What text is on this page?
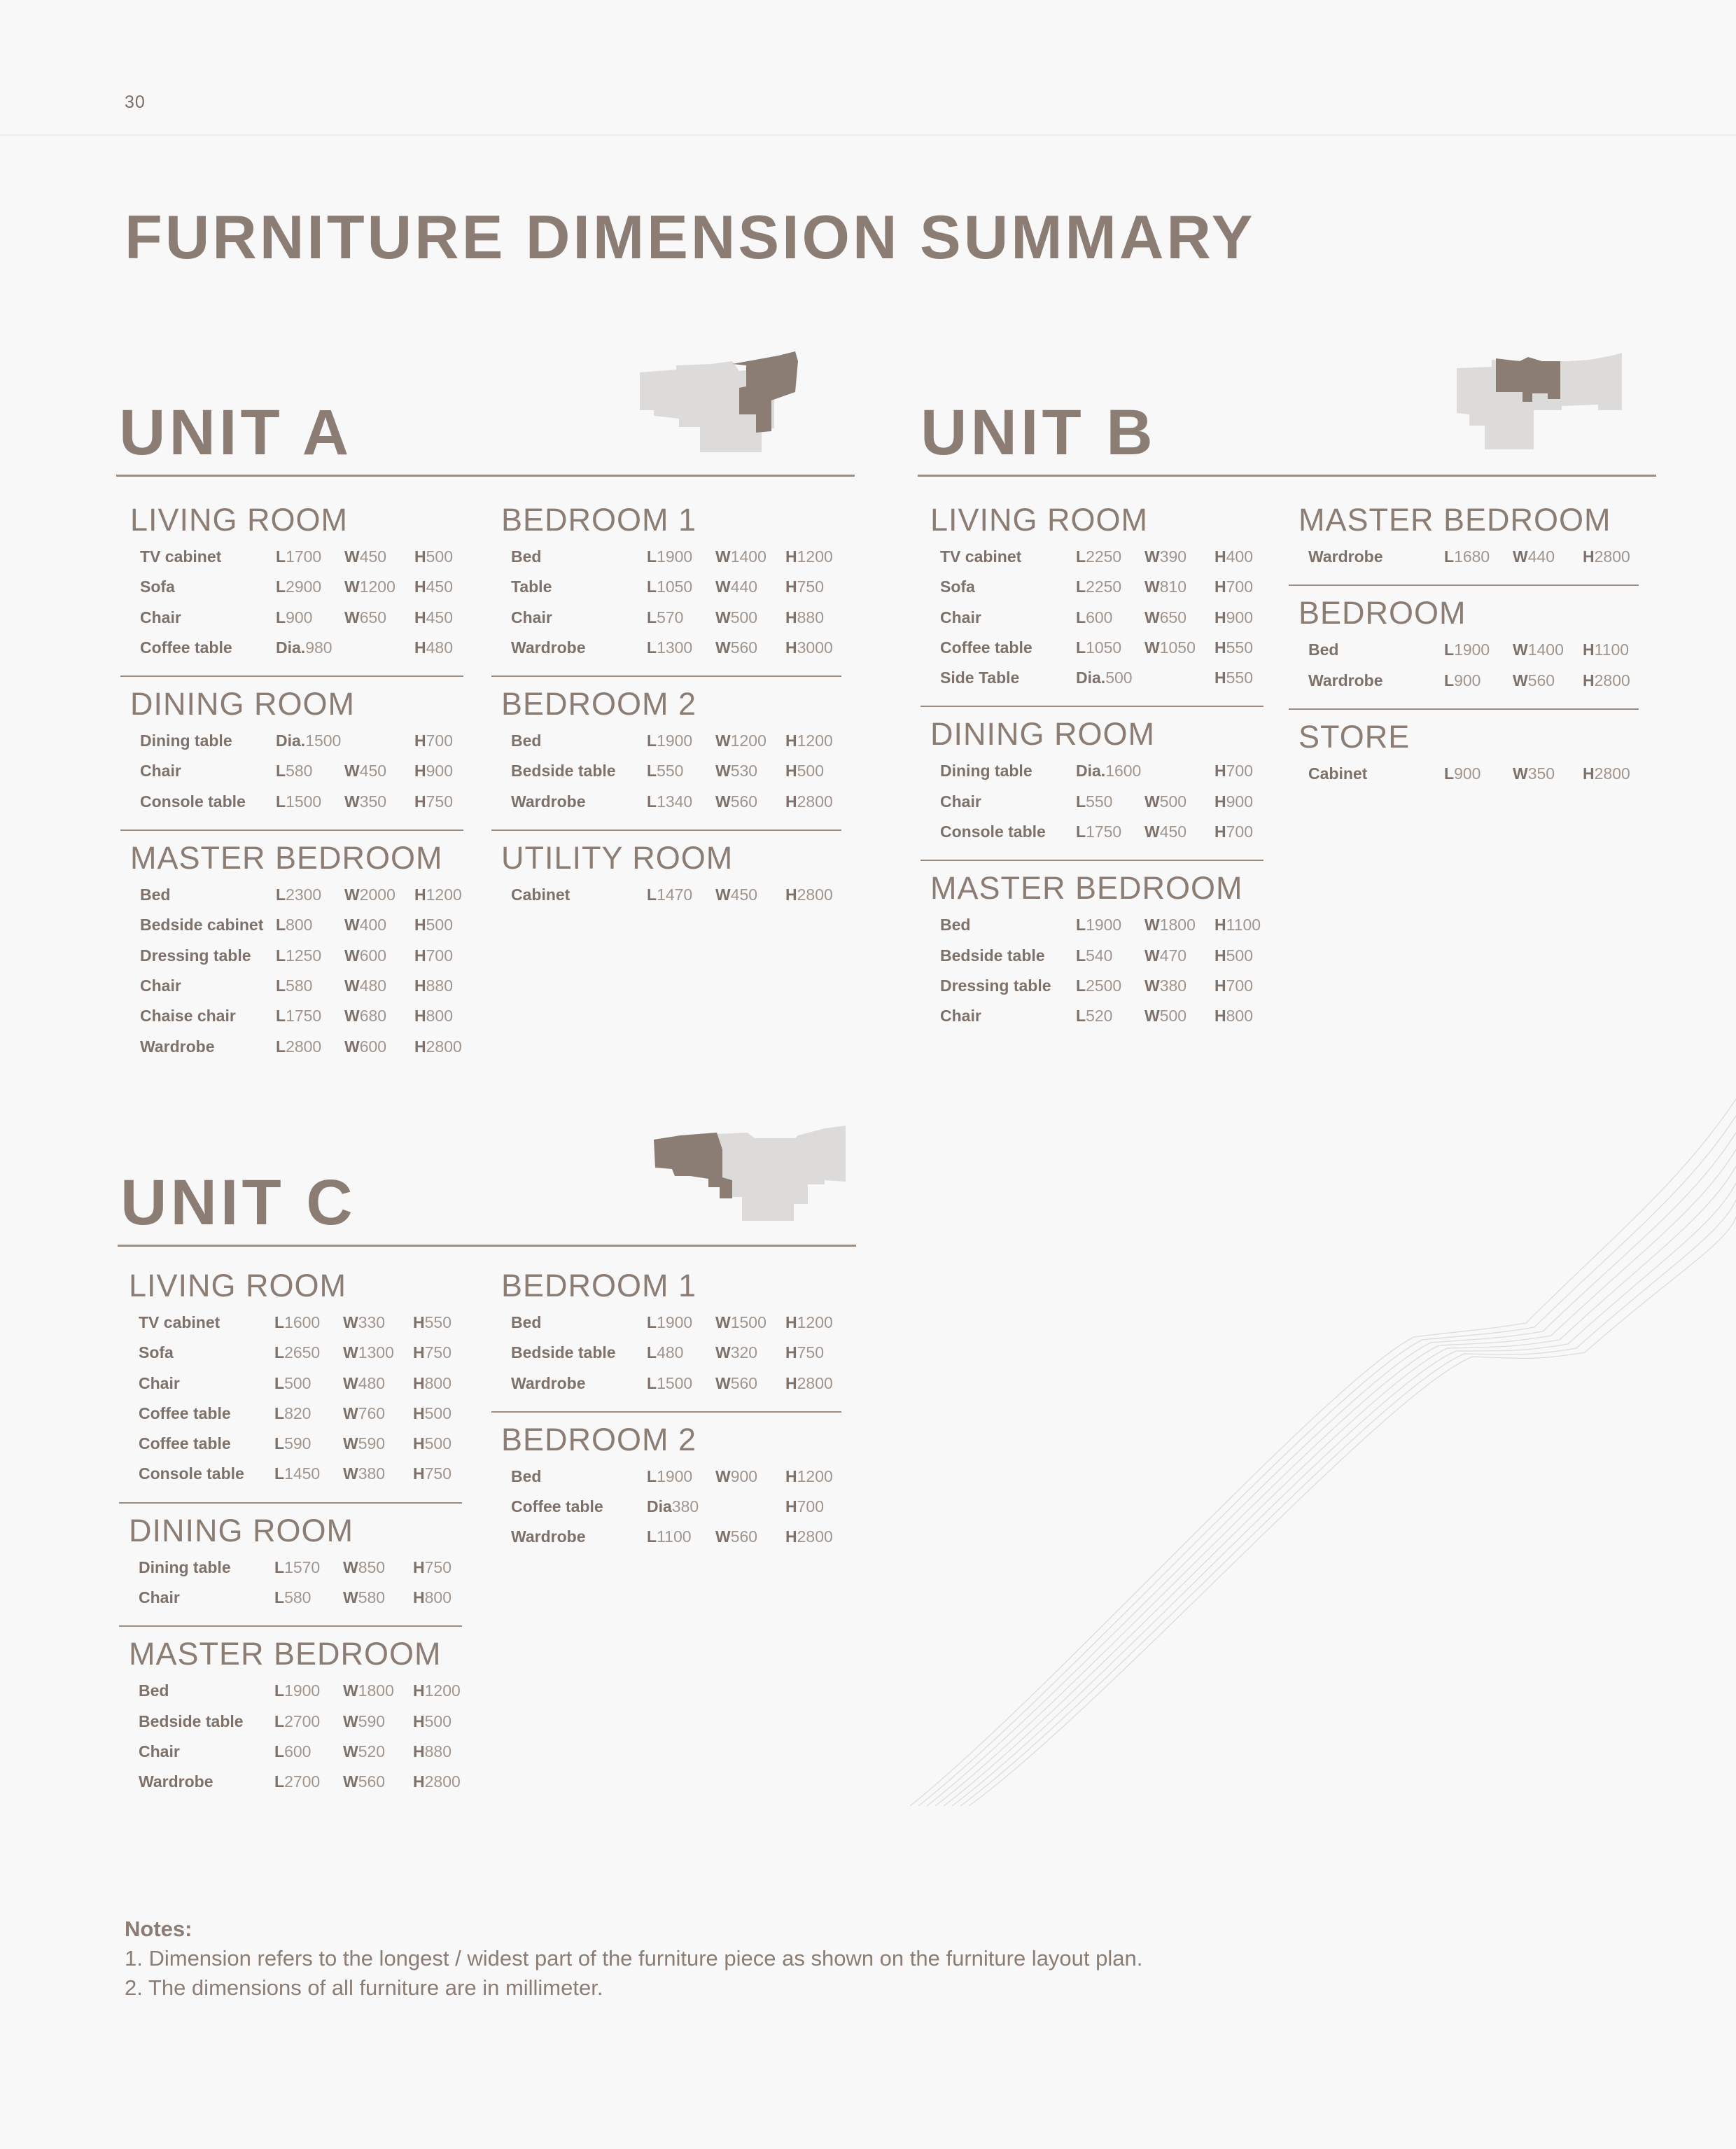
30
FURNITURE DIMENSION SUMMARY
UNIT A
LIVING ROOM
TV cabinet	L1700 W450 H500
Sofa	L2900 W1200 H450
Chair	L900 W650 H450
Coffee table	Dia.980	H480
DINING ROOM
Dining table	Dia.1500	H700
Chair	L580 W450 H900
Console table L1500 W350 H750
MASTER BEDROOM
Bed	L2300 W2000 H1200
Bedside cabinet L800 W400 H500
Dressing table L1250 W600 H700
Chair	L580 W480 H880
Chaise chair L1750 W680 H800
Wardrobe	L2800 W600 H2800
BEDROOM 1
Bed	L1900 W1400 H1200
Table	L1050 W440 H750
Chair	L570 W500 H880
Wardrobe	L1300 W560 H3000
BEDROOM 2
Bed	L1900 W1200 H1200
Bedside table L550 W530 H500
Wardrobe	L1340 W560 H2800
UTILITY ROOM
Cabinet	L1470 W450 H2800
UNIT B
LIVING ROOM
TV cabinet	L2250 W390 H400
Sofa	L2250 W810 H700
Chair	L600 W650 H900
Coffee table	L1050 W1050 H550
Side Table	Dia.500	H550
DINING ROOM
Dining table	Dia.1600	H700
Chair	L550 W500 H900
Console table L1750 W450 H700
MASTER BEDROOM
Bed	L1900 W1800 H1100
Bedside table L540 W470 H500
Dressing table L2500 W380 H700
Chair	L520 W500 H800
MASTER BEDROOM
Wardrobe	L1680 W440 H2800
BEDROOM
Bed	L1900 W1400 H1100
Wardrobe	L900 W560 H2800
STORE
Cabinet	L900 W350 H2800
UNIT C
LIVING ROOM
TV cabinet	L1600 W330 H550
Sofa	L2650 W1300 H750
Chair	L500 W480 H800
Coffee table	L820 W760 H500
Coffee table	L590 W590 H500
Console table L1450 W380 H750
DINING ROOM
Dining table	L1570 W850 H750
Chair	L580 W580 H800
MASTER BEDROOM
Bed	L1900 W1800 H1200
Bedside table L2700 W590 H500
Chair	L600 W520 H880
Wardrobe	L2700 W560 H2800
BEDROOM 1
Bed	L1900 W1500 H1200
Bedside table L480 W320 H750
Wardrobe	L1500 W560 H2800
BEDROOM 2
Bed	L1900 W900 H1200
Coffee table	Dia380	H700
Wardrobe	L1100 W560 H2800
Notes:
1. Dimension refers to the longest / widest part of the furniture piece as shown on the furniture layout plan.
2. The dimensions of all furniture are in millimeter.
